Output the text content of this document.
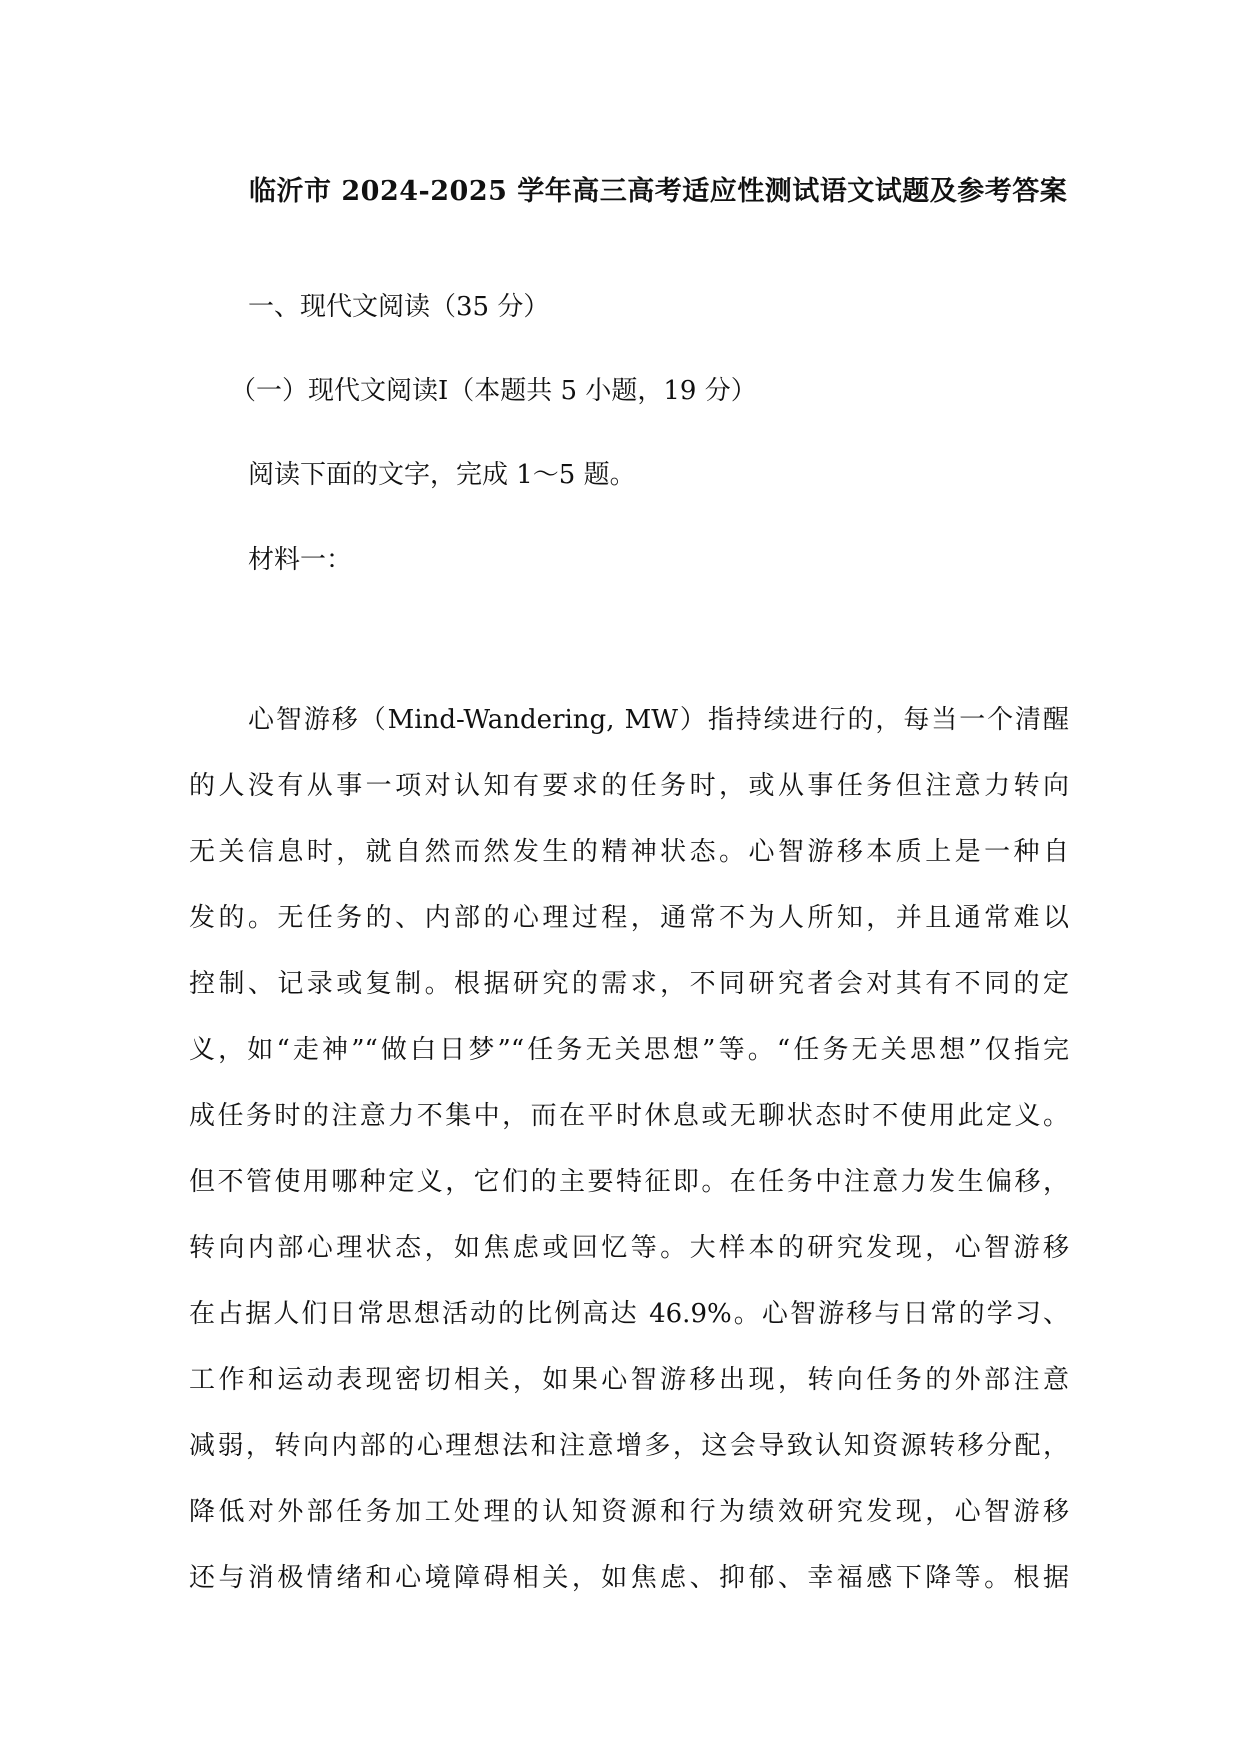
临沂市 2024-2025 学年高三高考适应性测试语文试题及参考答案

一、现代文阅读（35 分）

（一）现代文阅读Ⅰ（本题共 5 小题，19 分）

阅读下面的文字，完成 1～5 题。

材料一：

心智游移（Mind-Wandering, MW）指持续进行的，每当一个清醒
的人没有从事一项对认知有要求的任务时，或从事任务但注意力转向
无关信息时，就自然而然发生的精神状态。心智游移本质上是一种自
发的。无任务的、内部的心理过程，通常不为人所知，并且通常难以
控制、记录或复制。根据研究的需求，不同研究者会对其有不同的定
义，如“走神”“做白日梦”“任务无关思想”等。“任务无关思想”仅指完
成任务时的注意力不集中，而在平时休息或无聊状态时不使用此定义。
但不管使用哪种定义，它们的主要特征即。在任务中注意力发生偏移，
转向内部心理状态，如焦虑或回忆等。大样本的研究发现，心智游移
在占据人们日常思想活动的比例高达 46.9%。心智游移与日常的学习、
工作和运动表现密切相关，如果心智游移出现，转向任务的外部注意
减弱，转向内部的心理想法和注意增多，这会导致认知资源转移分配，
降低对外部任务加工处理的认知资源和行为绩效研究发现，心智游移
还与消极情绪和心境障碍相关，如焦虑、抑郁、幸福感下降等。根据
